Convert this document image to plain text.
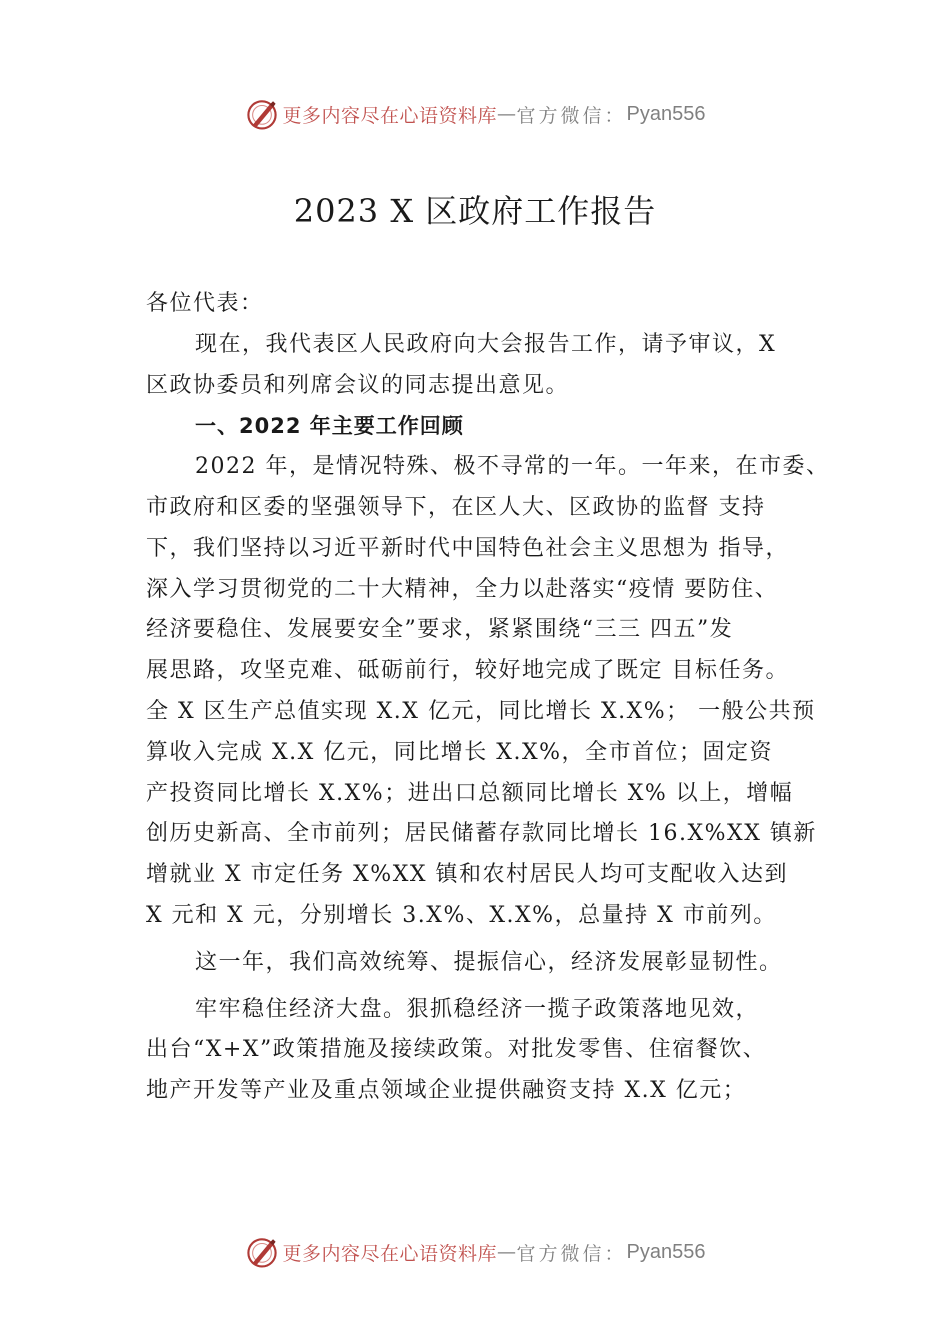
更多内容尽在心语资料库 — 官方微信： Pyan556
2023 X 区政府工作报告

各位代表：

现在，我代表区人民政府向大会报告工作，请予审议，X

区政协委员和列席会议的同志提出意见。

一、2022 年主要工作回顾

2022 年，是情况特殊、极不寻常的一年。一年来，在市委、

市政府和区委的坚强领导下，在区人大、区政协的监督 支持

下，我们坚持以习近平新时代中国特色社会主义思想为 指导，

深入学习贯彻党的二十大精神，全力以赴落实“疫情 要防住、

经济要稳住、发展要安全”要求，紧紧围绕“三三 四五”发

展思路，攻坚克难、砥砺前行，较好地完成了既定 目标任务。

全 X 区生产总值实现 X.X 亿元，同比增长 X.X%； 一般公共预

算收入完成 X.X 亿元，同比增长 X.X%，全市首位；固定资

产投资同比增长 X.X%；进出口总额同比增长 X% 以上，增幅

创历史新高、全市前列；居民储蓄存款同比增长 16.X%XX 镇新

增就业 X 市定任务 X%XX 镇和农村居民人均可支配收入达到

X 元和 X 元，分别增长 3.X%、X.X%，总量持 X 市前列。

这一年，我们高效统筹、提振信心，经济发展彰显韧性。

牢牢稳住经济大盘。狠抓稳经济一揽子政策落地见效，

出台“X+X”政策措施及接续政策。对批发零售、住宿餐饮、

地产开发等产业及重点领域企业提供融资支持 X.X 亿元；

更多内容尽在心语资料库 — 官方微信： Pyan556
